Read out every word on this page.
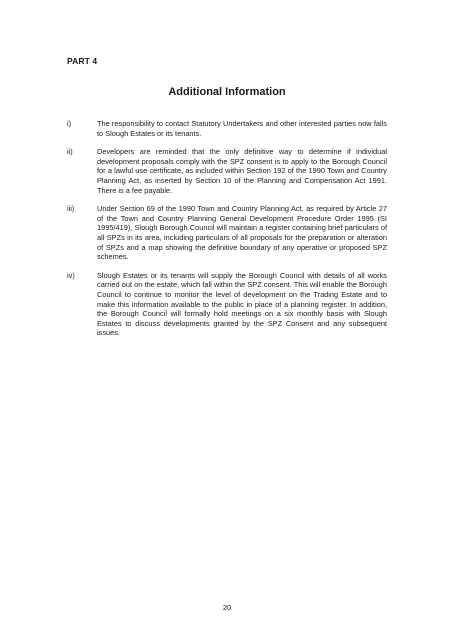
PART 4
Additional Information
i)	The responsibility to contact Statutory Undertakers and other interested parties now falls to Slough Estates or its tenants.
ii)	Developers are reminded that the only definitive way to determine if individual development proposals comply with the SPZ consent is to apply to the Borough Council for a lawful use certificate, as included within Section 192 of the 1990 Town and Country Planning Act, as inserted by Section 10 of the Planning and Compensation Act 1991. There is a fee payable.
iii)	Under Section 69 of the 1990 Town and Country Planning Act, as required by Article 27 of the Town and Country Planning General Development Procedure Order 1995 (SI 1995/419), Slough Borough Council will maintain a register containing brief particulars of all SPZs in its area, including particulars of all proposals for the preparation or alteration of SPZs and a map showing the definitive boundary of any operative or proposed SPZ schemes.
iv)	Slough Estates or its tenants will supply the Borough Council with details of all works carried out on the estate, which fall within the SPZ consent. This will enable the Borough Council to continue to monitor the level of development on the Trading Estate and to make this information available to the public in place of a planning register. In addition, the Borough Council will formally hold meetings on a six monthly basis with Slough Estates to discuss developments granted by the SPZ Consent and any subsequent issues.
20
